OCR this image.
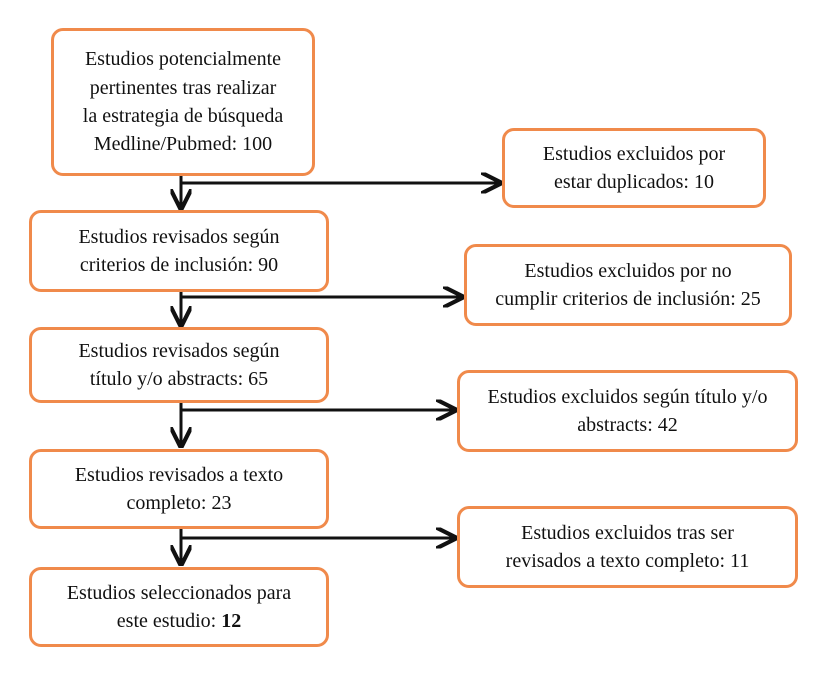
Estudios potencialmente
pertinentes tras realizar
la estrategia de búsqueda
Medline/Pubmed: 100
Estudios revisados según
criterios de inclusión: 90
Estudios revisados según
título y/o abstracts: 65
Estudios revisados a texto
completo: 23
Estudios seleccionados para
este estudio: 12
Estudios excluidos por
estar duplicados: 10
Estudios excluidos por no
cumplir criterios de inclusión: 25
Estudios excluidos según título y/o
abstracts: 42
Estudios excluidos tras ser
revisados a texto completo: 11
